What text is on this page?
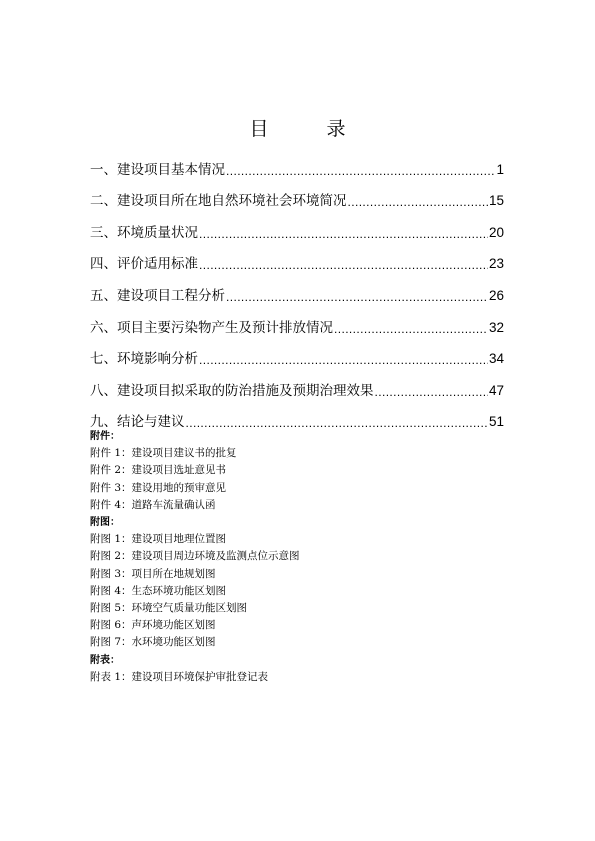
目 录
一、建设项目基本情况 .....	1
二、建设项目所在地自然环境社会环境简况 .....	15
三、环境质量状况 .....	20
四、评价适用标准 .....	23
五、建设项目工程分析 .....	26
六、项目主要污染物产生及预计排放情况 .....	32
七、环境影响分析 .....	34
八、建设项目拟采取的防治措施及预期治理效果 .....	47
九、结论与建议 .....	51
附件：
附件 1：建设项目建议书的批复
附件 2：建设项目选址意见书
附件 3：建设用地的预审意见
附件 4：道路车流量确认函
附图：
附图 1：建设项目地理位置图
附图 2：建设项目周边环境及监测点位示意图
附图 3：项目所在地规划图
附图 4：生态环境功能区划图
附图 5：环境空气质量功能区划图
附图 6：声环境功能区划图
附图 7：水环境功能区划图
附表：
附表 1：建设项目环境保护审批登记表
